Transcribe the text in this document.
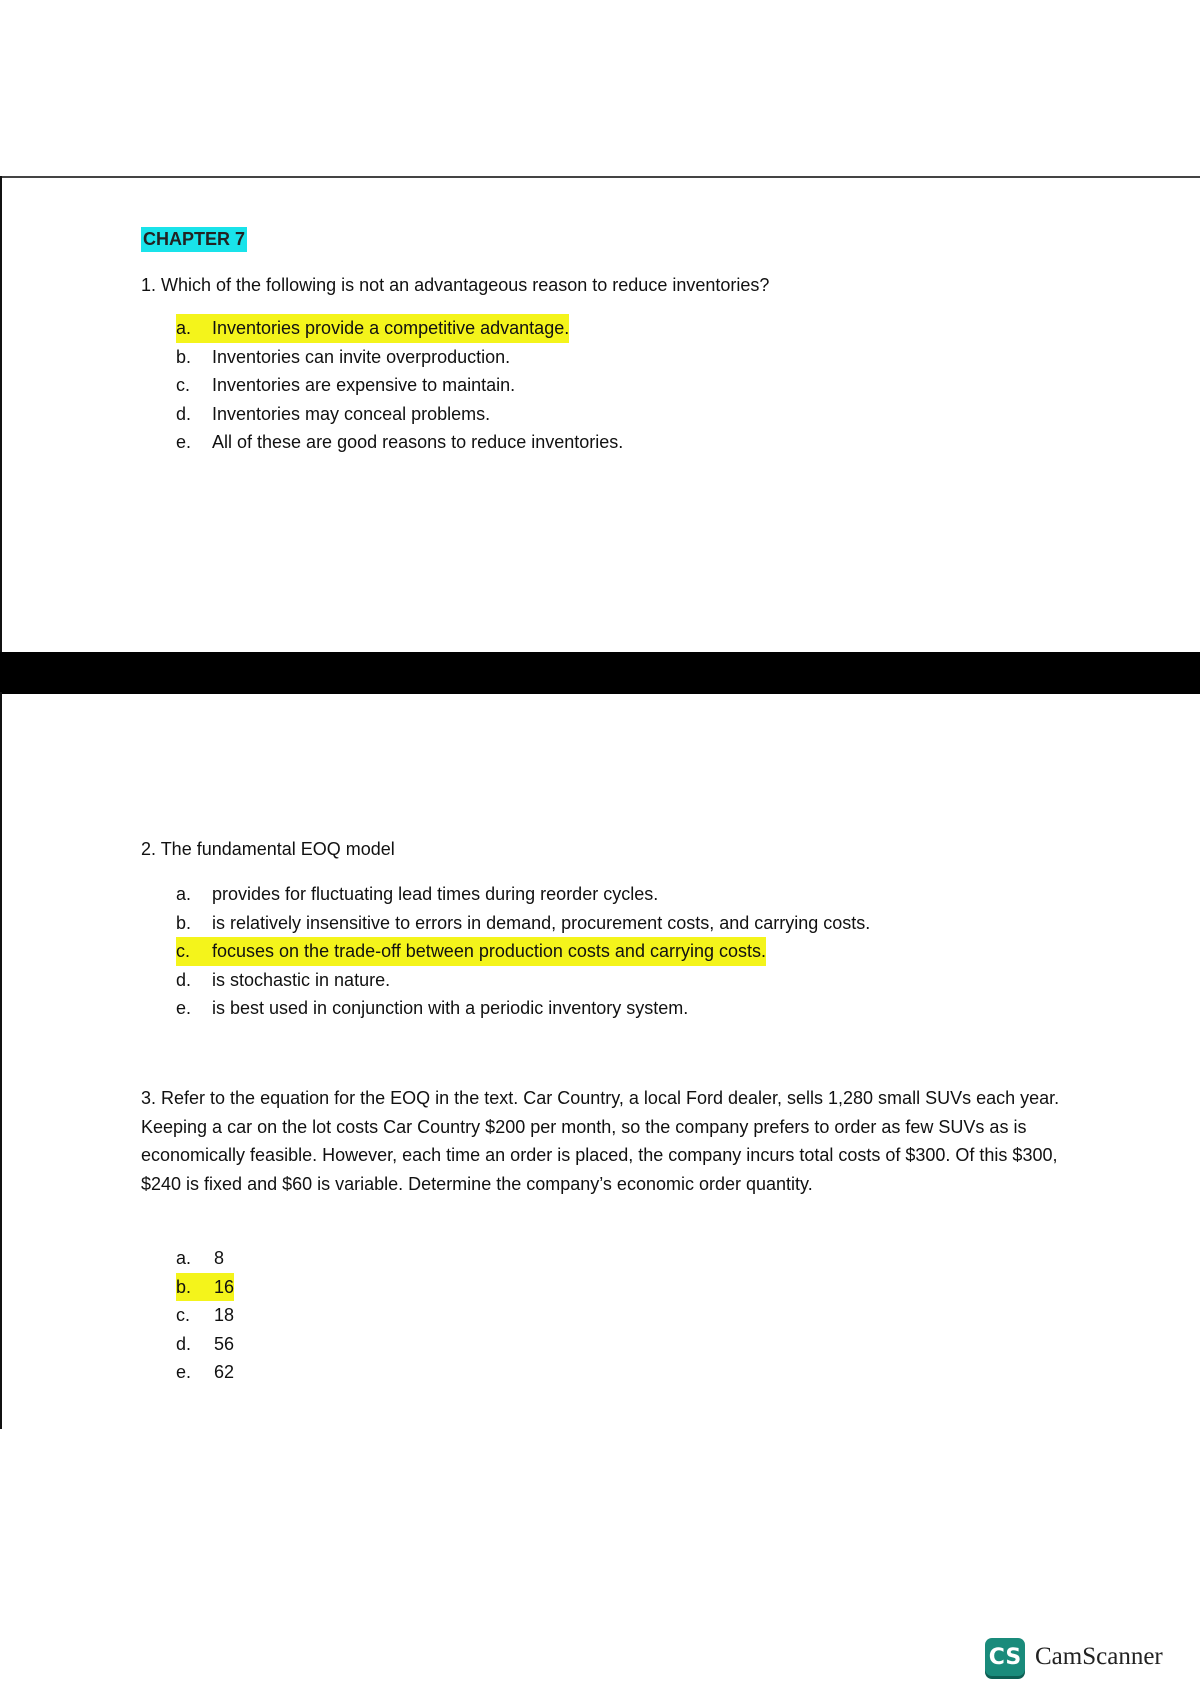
CHAPTER 7
1. Which of the following is not an advantageous reason to reduce inventories?
a. Inventories provide a competitive advantage.
b. Inventories can invite overproduction.
c. Inventories are expensive to maintain.
d. Inventories may conceal problems.
e. All of these are good reasons to reduce inventories.
2. The fundamental EOQ model
a. provides for fluctuating lead times during reorder cycles.
b. is relatively insensitive to errors in demand, procurement costs, and carrying costs.
c. focuses on the trade-off between production costs and carrying costs.
d. is stochastic in nature.
e. is best used in conjunction with a periodic inventory system.
3. Refer to the equation for the EOQ in the text. Car Country, a local Ford dealer, sells 1,280 small SUVs each year. Keeping a car on the lot costs Car Country $200 per month, so the company prefers to order as few SUVs as is economically feasible. However, each time an order is placed, the company incurs total costs of $300. Of this $300, $240 is fixed and $60 is variable. Determine the company’s economic order quantity.
a. 8
b. 16
c. 18
d. 56
e. 62
CS CamScanner
